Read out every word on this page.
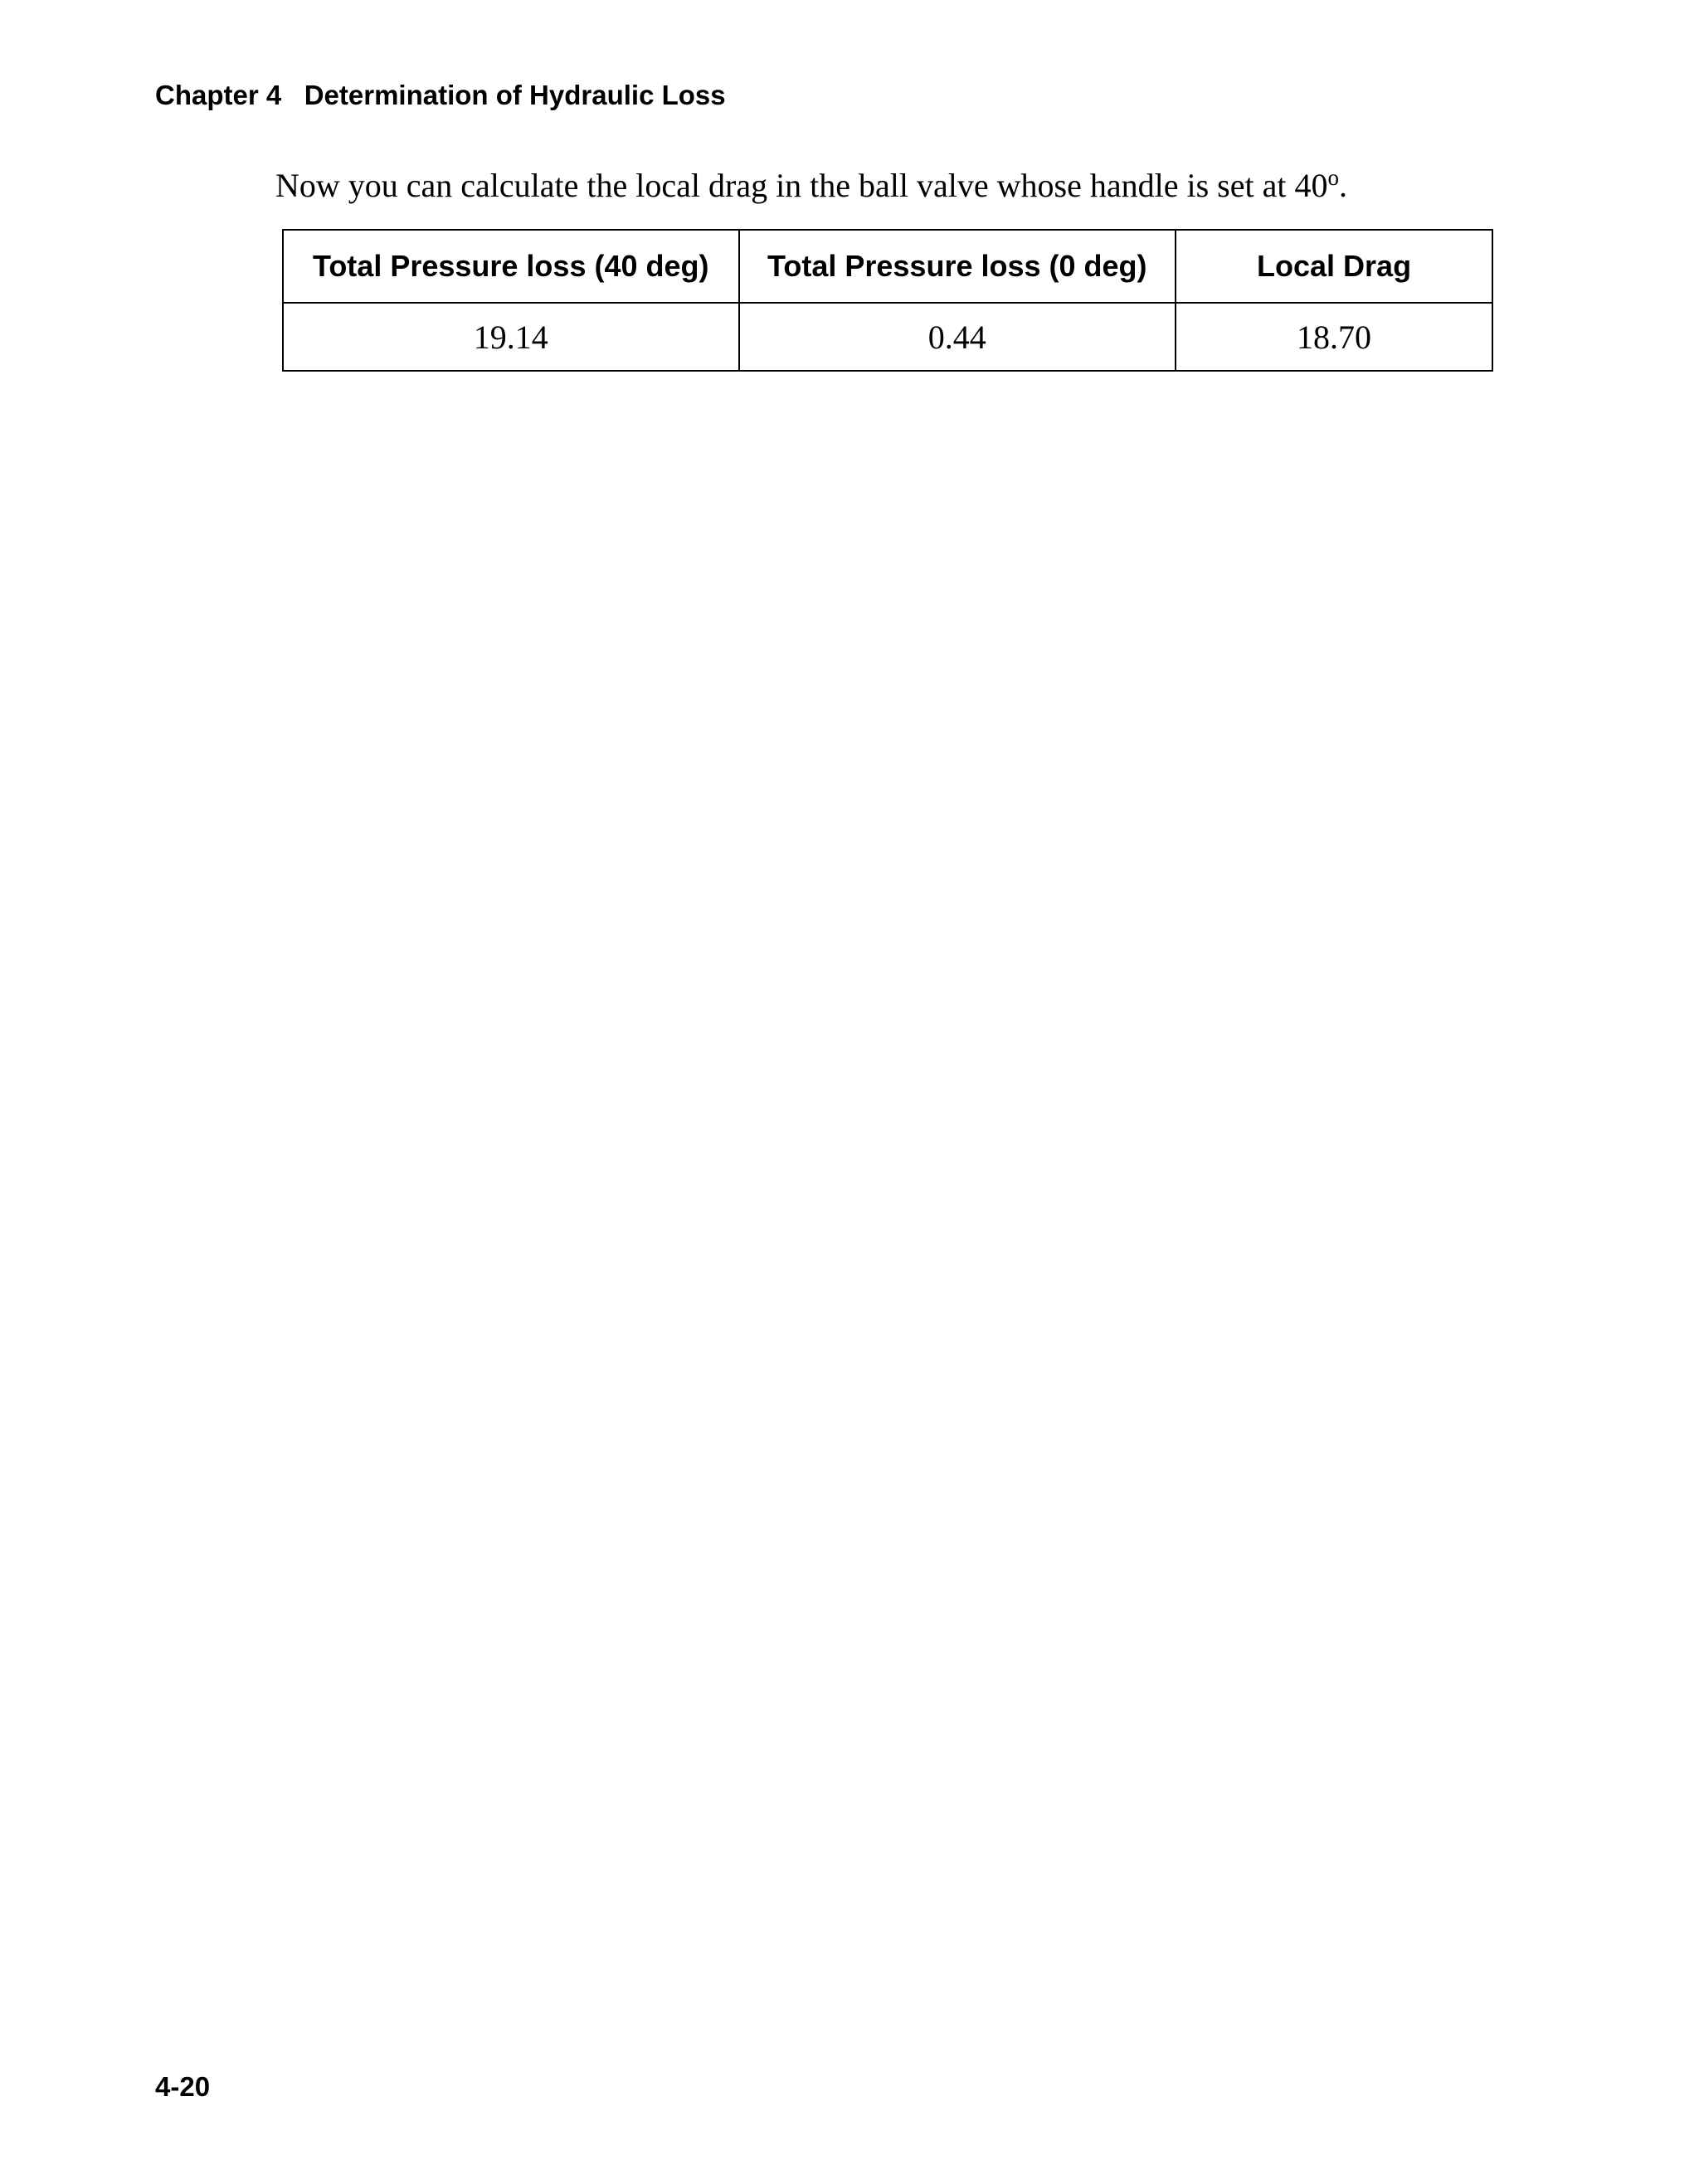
Chapter 4   Determination of Hydraulic Loss

Now you can calculate the local drag in the ball valve whose handle is set at 40$^o$.

Total Pressure loss (40 deg)	Total Pressure loss (0 deg)	Local Drag
19.14	0.44	18.70
4-20
